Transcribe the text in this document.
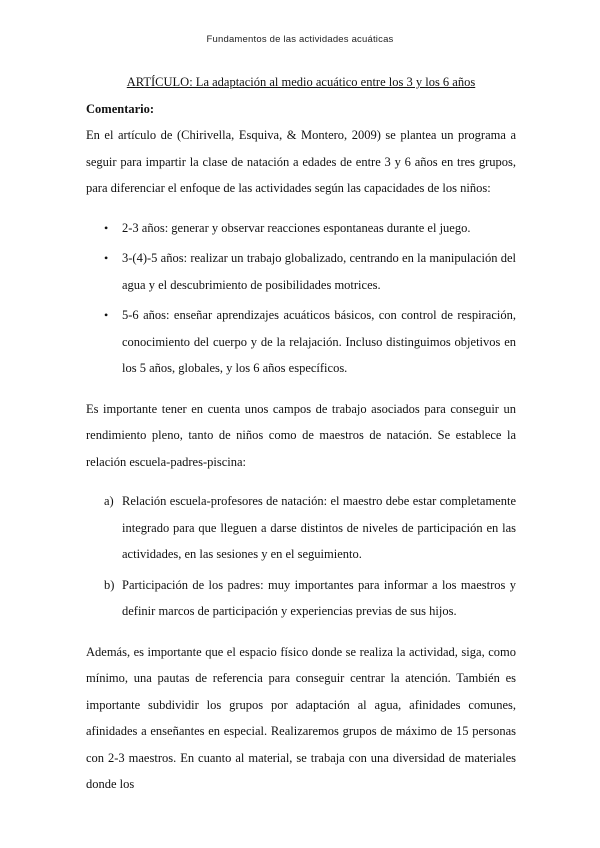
Fundamentos de las actividades acuáticas

ARTÍCULO: La adaptación al medio acuático entre los 3 y los 6 años

Comentario:

En el artículo de (Chirivella, Esquiva, & Montero, 2009) se plantea un programa a seguir para impartir la clase de natación a edades de entre 3 y 6 años en tres grupos, para diferenciar el enfoque de las actividades según las capacidades de los niños:

• 2-3 años: generar y observar reacciones espontaneas durante el juego.
• 3-(4)-5 años: realizar un trabajo globalizado, centrando en la manipulación del agua y el descubrimiento de posibilidades motrices.
• 5-6 años: enseñar aprendizajes acuáticos básicos, con control de respiración, conocimiento del cuerpo y de la relajación. Incluso distinguimos objetivos en los 5 años, globales, y los 6 años específicos.

Es importante tener en cuenta unos campos de trabajo asociados para conseguir un rendimiento pleno, tanto de niños como de maestros de natación. Se establece la relación escuela-padres-piscina:

a) Relación escuela-profesores de natación: el maestro debe estar completamente integrado para que lleguen a darse distintos de niveles de participación en las actividades, en las sesiones y en el seguimiento.
b) Participación de los padres: muy importantes para informar a los maestros y definir marcos de participación y experiencias previas de sus hijos.

Además, es importante que el espacio físico donde se realiza la actividad, siga, como mínimo, una pautas de referencia para conseguir centrar la atención. También es importante subdividir los grupos por adaptación al agua, afinidades comunes, afinidades a enseñantes en especial. Realizaremos grupos de máximo de 15 personas con 2-3 maestros. En cuanto al material, se trabaja con una diversidad de materiales donde los
